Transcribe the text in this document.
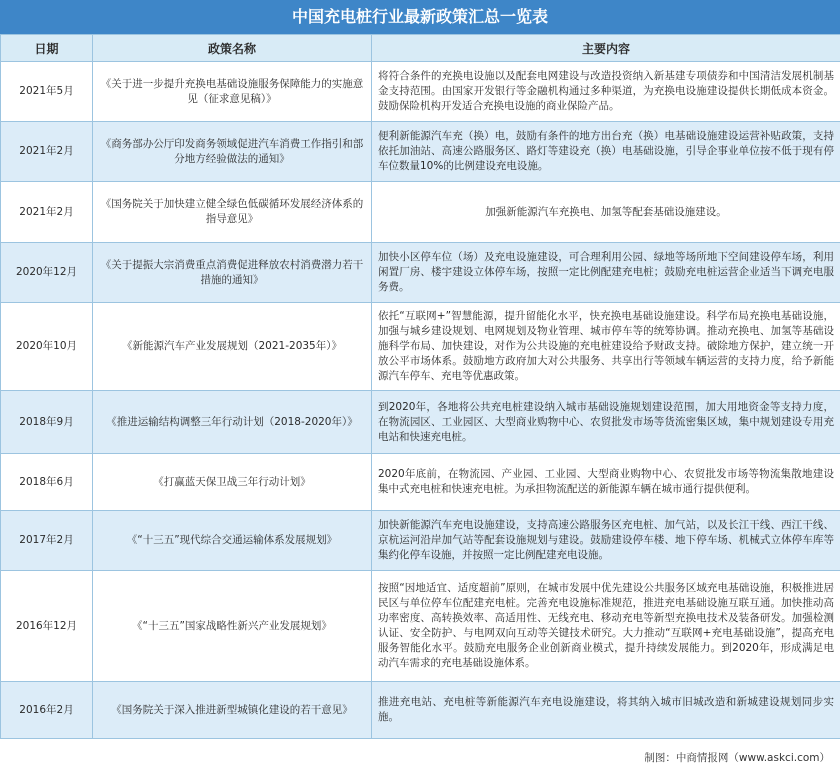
中国充电桩行业最新政策汇总一览表
日期	政策名称	主要内容
2021年5月	《关于进一步提升充换电基础设施服务保障能力的实施意见（征求意见稿）》	将符合条件的充换电设施以及配套电网建设与改造投资纳入新基建专项债券和中国清洁发展机制基金支持范围。由国家开发银行等金融机构通过多种渠道，为充换电设施建设提供长期低成本资金。鼓励保险机构开发适合充换电设施的商业保险产品。
2021年2月	《商务部办公厅印发商务领域促进汽车消费工作指引和部分地方经验做法的通知》	便利新能源汽车充（换）电，鼓励有条件的地方出台充（换）电基础设施建设运营补贴政策，支持依托加油站、高速公路服务区、路灯等建设充（换）电基础设施，引导企事业单位按不低于现有停车位数量10%的比例建设充电设施。
2021年2月	《国务院关于加快建立健全绿色低碳循环发展经济体系的指导意见》	加强新能源汽车充换电、加氢等配套基础设施建设。
2020年12月	《关于提振大宗消费重点消费促进释放农村消费潜力若干措施的通知》	加快小区停车位（场）及充电设施建设，可合理利用公园、绿地等场所地下空间建设停车场，利用闲置厂房、楼宇建设立体停车场，按照一定比例配建充电桩；鼓励充电桩运营企业适当下调充电服务费。
2020年10月	《新能源汽车产业发展规划（2021-2035年）》	依托“互联网+”智慧能源，提升留能化水平，快充换电基础设施建设。科学布局充换电基础设施，加强与城乡建设规划、电网规划及物业管理、城市停车等的统筹协调。推动充换电、加氢等基础设施科学布局、加快建设，对作为公共设施的充电桩建设给予财政支持。破除地方保护，建立统一开放公平市场体系。鼓励地方政府加大对公共服务、共享出行等领域车辆运营的支持力度，给予新能源汽车停车、充电等优惠政策。
2018年9月	《推进运输结构调整三年行动计划（2018-2020年）》	到2020年，各地将公共充电桩建设纳入城市基础设施规划建设范围，加大用地资金等支持力度，在物流园区、工业园区、大型商业购物中心、农贸批发市场等货流密集区域，集中规划建设专用充电站和快速充电桩。
2018年6月	《打赢蓝天保卫战三年行动计划》	2020年底前，在物流园、产业园、工业园、大型商业购物中心、农贸批发市场等物流集散地建设集中式充电桩和快速充电桩。为承担物流配送的新能源车辆在城市通行提供便利。
2017年2月	《“十三五”现代综合交通运输体系发展规划》	加快新能源汽车充电设施建设，支持高速公路服务区充电桩、加气站，以及长江干线、西江干线、京杭运河沿岸加气站等配套设施规划与建设。鼓励建设停车楼、地下停车场、机械式立体停车库等集约化停车设施，并按照一定比例配建充电设施。
2016年12月	《“十三五”国家战略性新兴产业发展规划》	按照“因地适宜、适度超前”原则，在城市发展中优先建设公共服务区域充电基础设施，积极推进居民区与单位停车位配建充电桩。完善充电设施标准规范，推进充电基础设施互联互通。加快推动高功率密度、高转换效率、高适用性、无线充电、移动充电等新型充换电技术及装备研发。加强检测认证、安全防护、与电网双向互动等关键技术研究。大力推动“互联网+充电基础设施”，提高充电服务智能化水平。鼓励充电服务企业创新商业模式，提升持续发展能力。到2020年，形成满足电动汽车需求的充电基础设施体系。
2016年2月	《国务院关于深入推进新型城镇化建设的若干意见》	推进充电站、充电桩等新能源汽车充电设施建设，将其纳入城市旧城改造和新城建设规划同步实施。
制图：中商情报网（www.askci.com）
